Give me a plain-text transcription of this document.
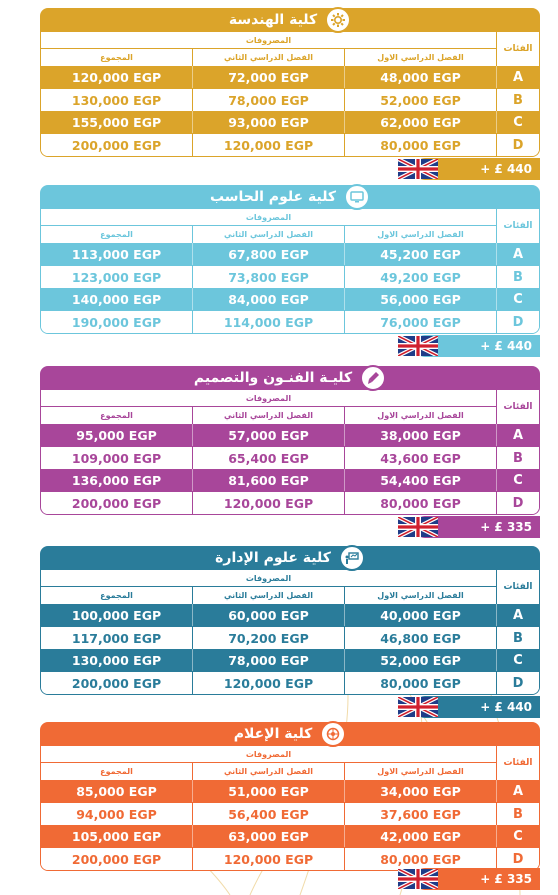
كلية الهندسة
المصروفات
المجموع	الفصل الدراسي الثاني	الفصل الدراسي الاول
الفئات
120,000 EGP	72,000 EGP	48,000 EGP	A
130,000 EGP	78,000 EGP	52,000 EGP	B
155,000 EGP	93,000 EGP	62,000 EGP	C
200,000 EGP	120,000 EGP	80,000 EGP	D
+ £ 440
كلية علوم الحاسب
المصروفات
المجموع	الفصل الدراسي الثاني	الفصل الدراسي الاول
الفئات
113,000 EGP	67,800 EGP	45,200 EGP	A
123,000 EGP	73,800 EGP	49,200 EGP	B
140,000 EGP	84,000 EGP	56,000 EGP	C
190,000 EGP	114,000 EGP	76,000 EGP	D
+ £ 440
كليـة الفنـون والتصميم
المصروفات
المجموع	الفصل الدراسي الثاني	الفصل الدراسي الاول
الفئات
95,000 EGP	57,000 EGP	38,000 EGP	A
109,000 EGP	65,400 EGP	43,600 EGP	B
136,000 EGP	81,600 EGP	54,400 EGP	C
200,000 EGP	120,000 EGP	80,000 EGP	D
+ £ 335
كلية علوم الإدارة
المصروفات
المجموع	الفصل الدراسي الثاني	الفصل الدراسي الاول
الفئات
100,000 EGP	60,000 EGP	40,000 EGP	A
117,000 EGP	70,200 EGP	46,800 EGP	B
130,000 EGP	78,000 EGP	52,000 EGP	C
200,000 EGP	120,000 EGP	80,000 EGP	D
+ £ 440
كلية الإعلام
المصروفات
المجموع	الفصل الدراسي الثاني	الفصل الدراسي الاول
الفئات
85,000 EGP	51,000 EGP	34,000 EGP	A
94,000 EGP	56,400 EGP	37,600 EGP	B
105,000 EGP	63,000 EGP	42,000 EGP	C
200,000 EGP	120,000 EGP	80,000 EGP	D
+ £ 335
